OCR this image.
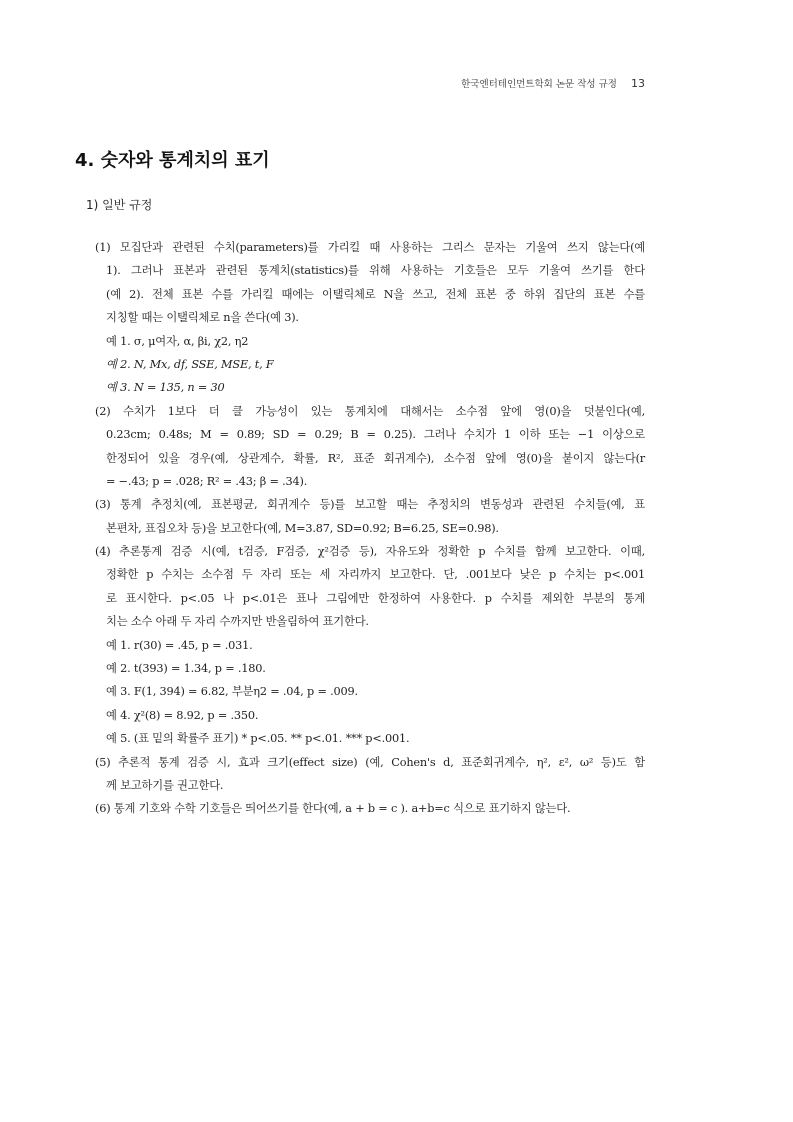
한국엔터테인먼트학회 논문 작성 규정 13
4. 숫자와 통계치의 표기
1) 일반 규정
(1) 모집단과 관련된 수치(parameters)를 가리킬 때 사용하는 그리스 문자는 기울여 쓰지 않는다(예
1). 그러나 표본과 관련된 통계치(statistics)를 위해 사용하는 기호들은 모두 기울여 쓰기를 한다
(예 2). 전체 표본 수를 가리킬 때에는 이탤릭체로 N을 쓰고, 전체 표본 중 하위 집단의 표본 수를
지칭할 때는 이탤릭체로 n을 쓴다(예 3).
예 1. σ, μ여자, α, βi, χ2, η2
예 2. N, Mx, df, SSE, MSE, t, F
예 3. N = 135, n = 30
(2) 수치가 1보다 더 클 가능성이 있는 통계치에 대해서는 소수점 앞에 영(0)을 덧붙인다(예,
0.23cm; 0.48s; M = 0.89; SD = 0.29; B = 0.25). 그러나 수치가 1 이하 또는 −1 이상으로
한정되어 있을 경우(예, 상관계수, 확률, R², 표준 회귀계수), 소수점 앞에 영(0)을 붙이지 않는다(r
= −.43; p = .028; R² = .43; β = .34).
(3) 통계 추정치(예, 표본평균, 회귀계수 등)를 보고할 때는 추정치의 변동성과 관련된 수치들(예, 표
본편차, 표집오차 등)을 보고한다(예, M=3.87, SD=0.92; B=6.25, SE=0.98).
(4) 추론통계 검증 시(예, t검증, F검증, χ²검증 등), 자유도와 정확한 p 수치를 함께 보고한다. 이때,
정확한 p 수치는 소수점 두 자리 또는 세 자리까지 보고한다. 단, .001보다 낮은 p 수치는 p<.001
로 표시한다. p<.05 나 p<.01은 표나 그림에만 한정하여 사용한다. p 수치를 제외한 부분의 통계
치는 소수 아래 두 자리 수까지만 반올림하여 표기한다.
예 1. r(30) = .45, p = .031.
예 2. t(393) = 1.34, p = .180.
예 3. F(1, 394) = 6.82, 부분η2 = .04, p = .009.
예 4. χ²(8) = 8.92, p = .350.
예 5. (표 밑의 확률주 표기) * p<.05. ** p<.01. *** p<.001.
(5) 추론적 통계 검증 시, 효과 크기(effect size) (예, Cohen's d, 표준회귀계수, η², ε², ω² 등)도 함
께 보고하기를 권고한다.
(6) 통계 기호와 수학 기호들은 띄어쓰기를 한다(예, a + b = c ). a+b=c 식으로 표기하지 않는다.
